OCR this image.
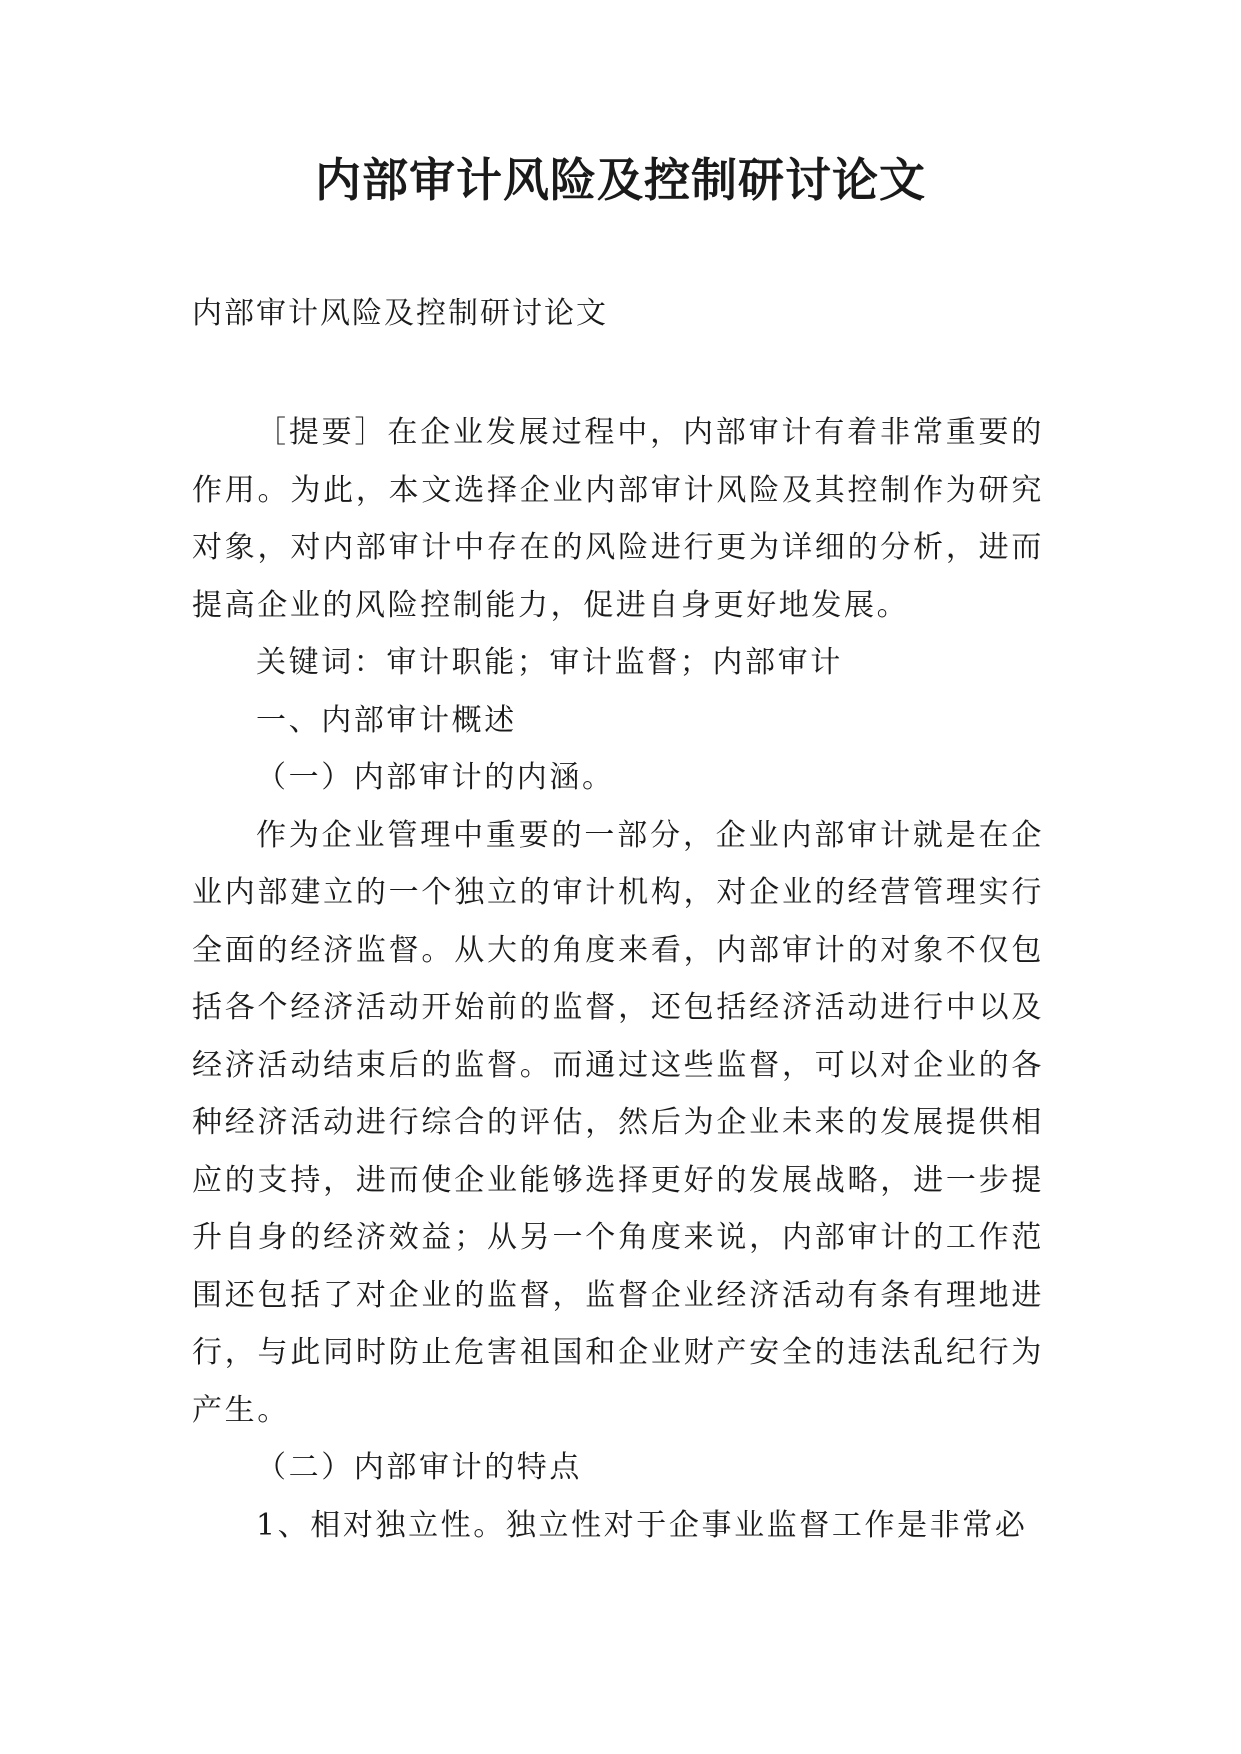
内部审计风险及控制研讨论文

内部审计风险及控制研讨论文

［提要］在企业发展过程中，内部审计有着非常重要的作用。为此，本文选择企业内部审计风险及其控制作为研究对象，对内部审计中存在的风险进行更为详细的分析，进而提高企业的风险控制能力，促进自身更好地发展。

关键词：审计职能；审计监督；内部审计

一、内部审计概述

（一）内部审计的内涵。

作为企业管理中重要的一部分，企业内部审计就是在企业内部建立的一个独立的审计机构，对企业的经营管理实行全面的经济监督。从大的角度来看，内部审计的对象不仅包括各个经济活动开始前的监督，还包括经济活动进行中以及经济活动结束后的监督。而通过这些监督，可以对企业的各种经济活动进行综合的评估，然后为企业未来的发展提供相应的支持，进而使企业能够选择更好的发展战略，进一步提升自身的经济效益；从另一个角度来说，内部审计的工作范围还包括了对企业的监督，监督企业经济活动有条有理地进行，与此同时防止危害祖国和企业财产安全的违法乱纪行为产生。

（二）内部审计的特点

1、相对独立性。独立性对于企事业监督工作是非常必
